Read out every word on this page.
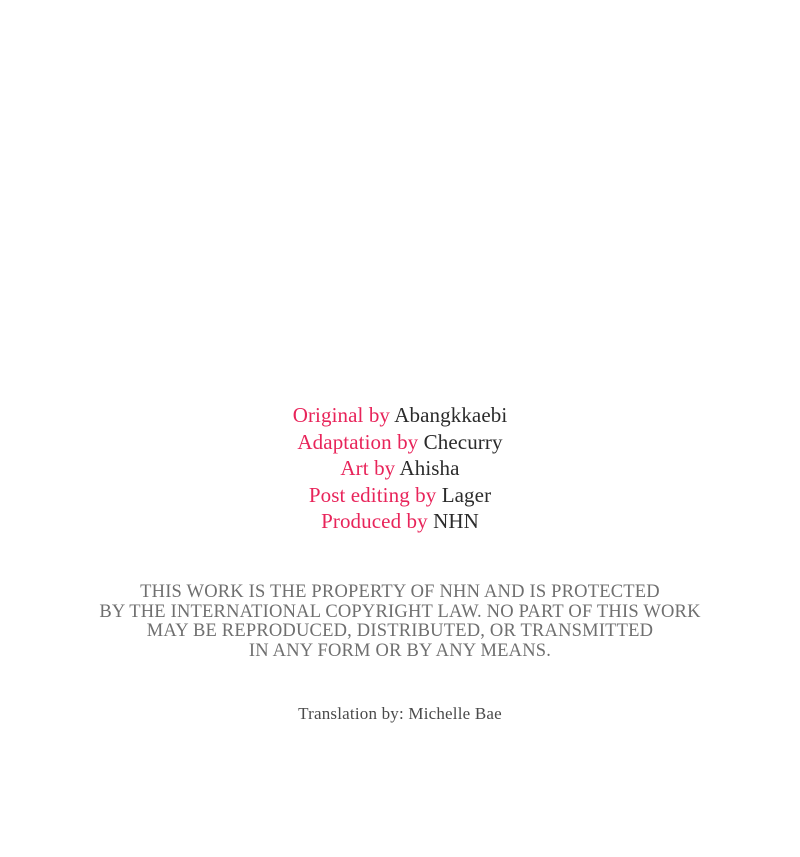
Original by Abangkkaebi
Adaptation by Checurry
Art by Ahisha
Post editing by Lager
Produced by NHN
THIS WORK IS THE PROPERTY OF NHN AND IS PROTECTED
BY THE INTERNATIONAL COPYRIGHT LAW. NO PART OF THIS WORK
MAY BE REPRODUCED, DISTRIBUTED, OR TRANSMITTED
IN ANY FORM OR BY ANY MEANS.
Translation by: Michelle Bae
